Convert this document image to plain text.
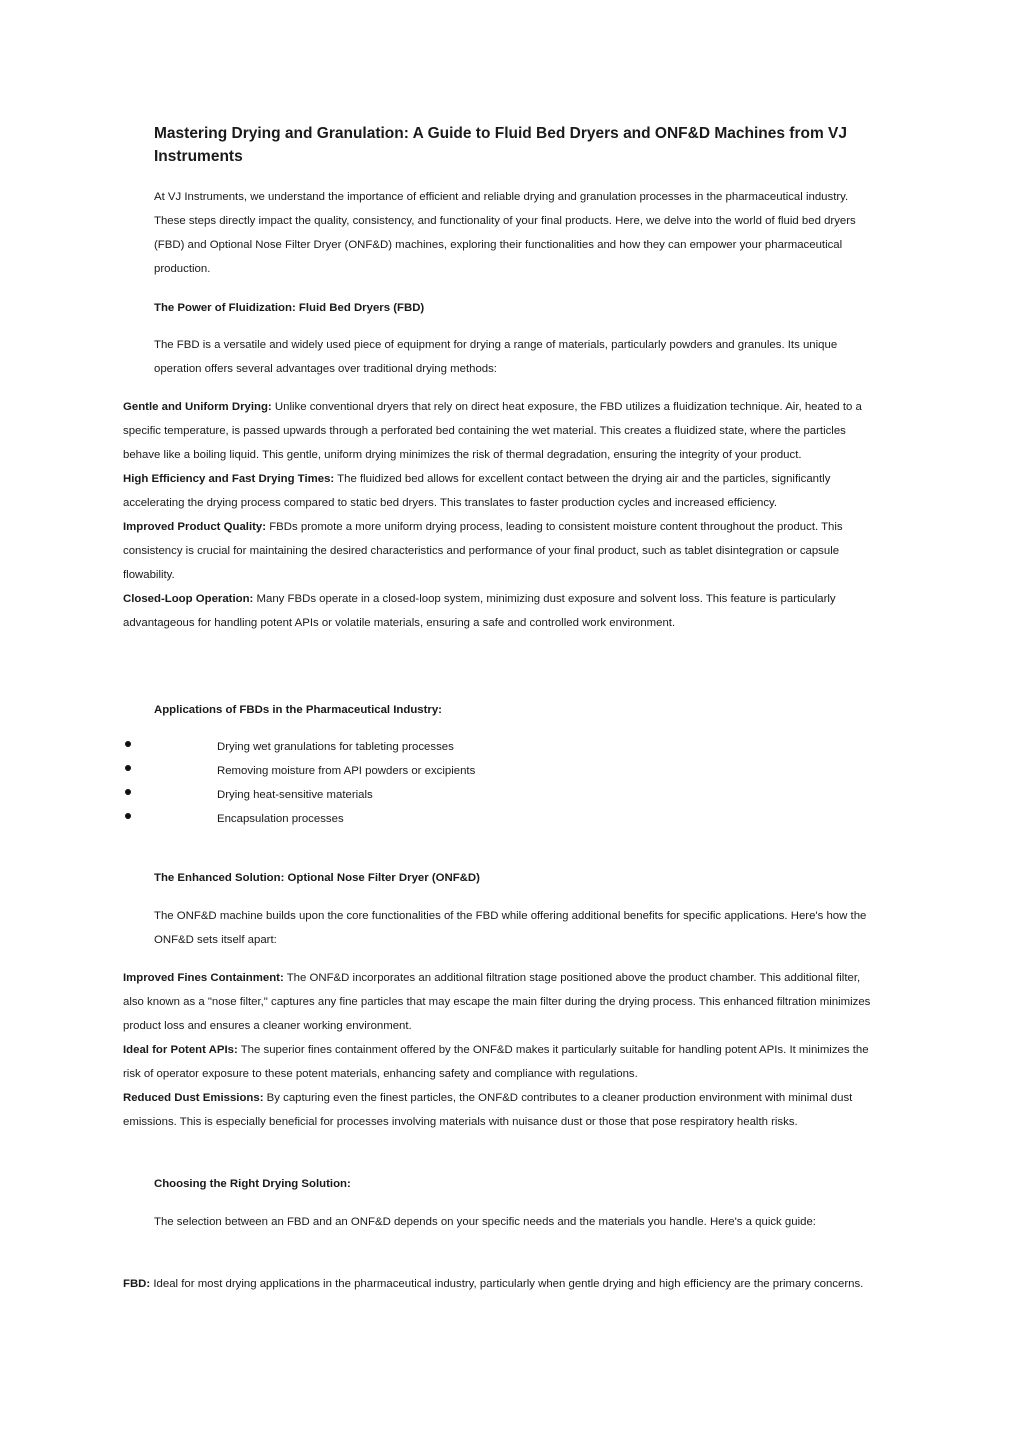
Mastering Drying and Granulation: A Guide to Fluid Bed Dryers and ONF&D Machines from VJ Instruments

At VJ Instruments, we understand the importance of efficient and reliable drying and granulation processes in the pharmaceutical industry. These steps directly impact the quality, consistency, and functionality of your final products. Here, we delve into the world of fluid bed dryers (FBD) and Optional Nose Filter Dryer (ONF&D) machines, exploring their functionalities and how they can empower your pharmaceutical production.

The Power of Fluidization: Fluid Bed Dryers (FBD)

The FBD is a versatile and widely used piece of equipment for drying a range of materials, particularly powders and granules. Its unique operation offers several advantages over traditional drying methods:

Gentle and Uniform Drying: Unlike conventional dryers that rely on direct heat exposure, the FBD utilizes a fluidization technique. Air, heated to a specific temperature, is passed upwards through a perforated bed containing the wet material. This creates a fluidized state, where the particles behave like a boiling liquid. This gentle, uniform drying minimizes the risk of thermal degradation, ensuring the integrity of your product.
High Efficiency and Fast Drying Times: The fluidized bed allows for excellent contact between the drying air and the particles, significantly accelerating the drying process compared to static bed dryers. This translates to faster production cycles and increased efficiency.
Improved Product Quality: FBDs promote a more uniform drying process, leading to consistent moisture content throughout the product. This consistency is crucial for maintaining the desired characteristics and performance of your final product, such as tablet disintegration or capsule flowability.
Closed-Loop Operation: Many FBDs operate in a closed-loop system, minimizing dust exposure and solvent loss. This feature is particularly advantageous for handling potent APIs or volatile materials, ensuring a safe and controlled work environment.

Applications of FBDs in the Pharmaceutical Industry:

Drying wet granulations for tableting processes
Removing moisture from API powders or excipients
Drying heat-sensitive materials
Encapsulation processes

The Enhanced Solution: Optional Nose Filter Dryer (ONF&D)

The ONF&D machine builds upon the core functionalities of the FBD while offering additional benefits for specific applications. Here's how the ONF&D sets itself apart:

Improved Fines Containment: The ONF&D incorporates an additional filtration stage positioned above the product chamber. This additional filter, also known as a "nose filter," captures any fine particles that may escape the main filter during the drying process. This enhanced filtration minimizes product loss and ensures a cleaner working environment.
Ideal for Potent APIs: The superior fines containment offered by the ONF&D makes it particularly suitable for handling potent APIs. It minimizes the risk of operator exposure to these potent materials, enhancing safety and compliance with regulations.
Reduced Dust Emissions: By capturing even the finest particles, the ONF&D contributes to a cleaner production environment with minimal dust emissions. This is especially beneficial for processes involving materials with nuisance dust or those that pose respiratory health risks.

Choosing the Right Drying Solution:

The selection between an FBD and an ONF&D depends on your specific needs and the materials you handle. Here's a quick guide:

FBD: Ideal for most drying applications in the pharmaceutical industry, particularly when gentle drying and high efficiency are the primary concerns.
